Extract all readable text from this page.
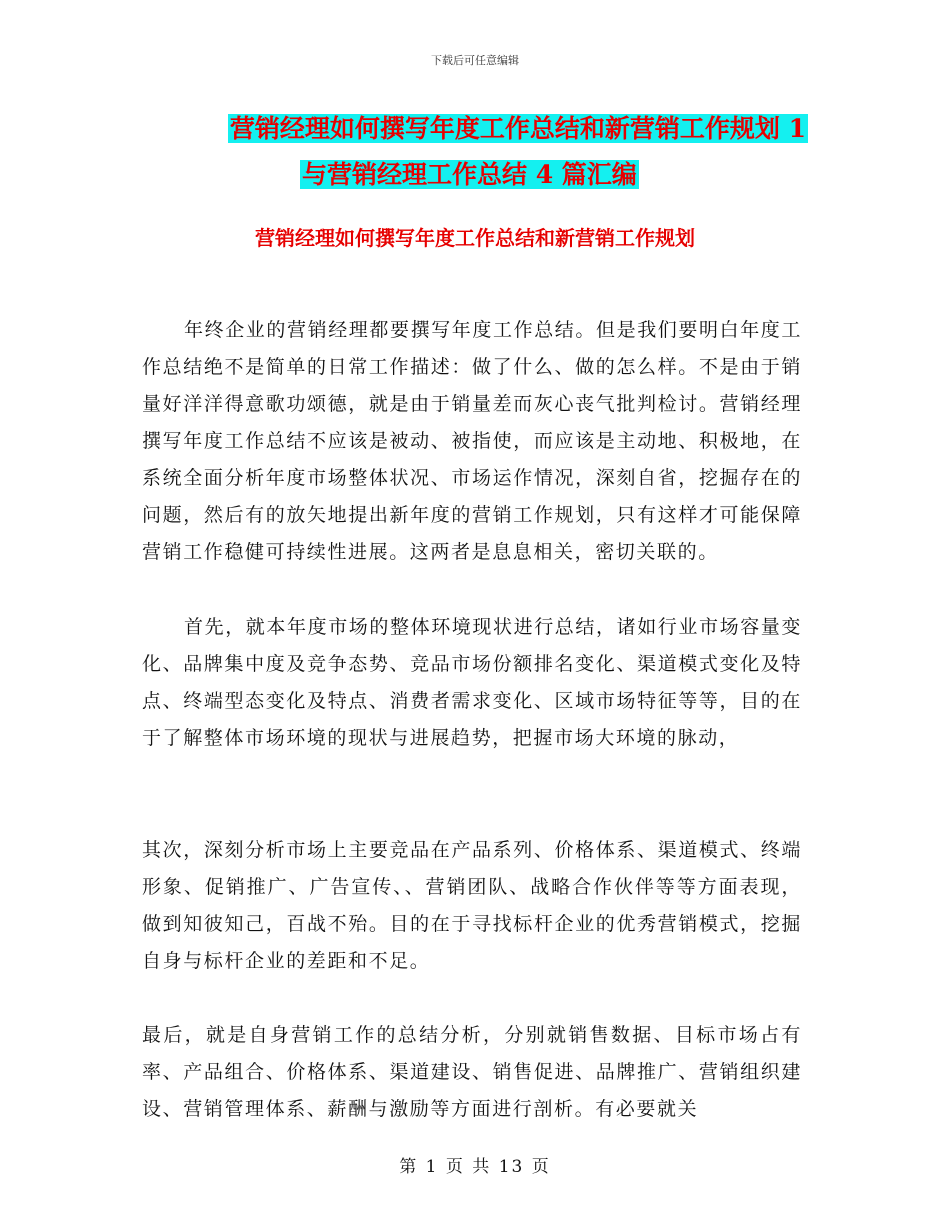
下载后可任意编辑
营销经理如何撰写年度工作总结和新营销工作规划 1
与营销经理工作总结 4 篇汇编
营销经理如何撰写年度工作总结和新营销工作规划

年终企业的营销经理都要撰写年度工作总结。但是我们要明白年度工作总结绝不是简单的日常工作描述：做了什么、做的怎么样。不是由于销量好洋洋得意歌功颂德，就是由于销量差而灰心丧气批判检讨。营销经理撰写年度工作总结不应该是被动、被指使，而应该是主动地、积极地，在系统全面分析年度市场整体状况、市场运作情况，深刻自省，挖掘存在的问题，然后有的放矢地提出新年度的营销工作规划，只有这样才可能保障营销工作稳健可持续性进展。这两者是息息相关，密切关联的。

首先，就本年度市场的整体环境现状进行总结，诸如行业市场容量变化、品牌集中度及竞争态势、竞品市场份额排名变化、渠道模式变化及特点、终端型态变化及特点、消费者需求变化、区域市场特征等等，目的在于了解整体市场环境的现状与进展趋势，把握市场大环境的脉动，

其次，深刻分析市场上主要竞品在产品系列、价格体系、渠道模式、终端形象、促销推广、广告宣传、、营销团队、战略合作伙伴等等方面表现，做到知彼知己，百战不殆。目的在于寻找标杆企业的优秀营销模式，挖掘自身与标杆企业的差距和不足。

最后，就是自身营销工作的总结分析，分别就销售数据、目标市场占有率、产品组合、价格体系、渠道建设、销售促进、品牌推广、营销组织建设、营销管理体系、薪酬与激励等方面进行剖析。有必要就关

第 1 页 共 13 页
